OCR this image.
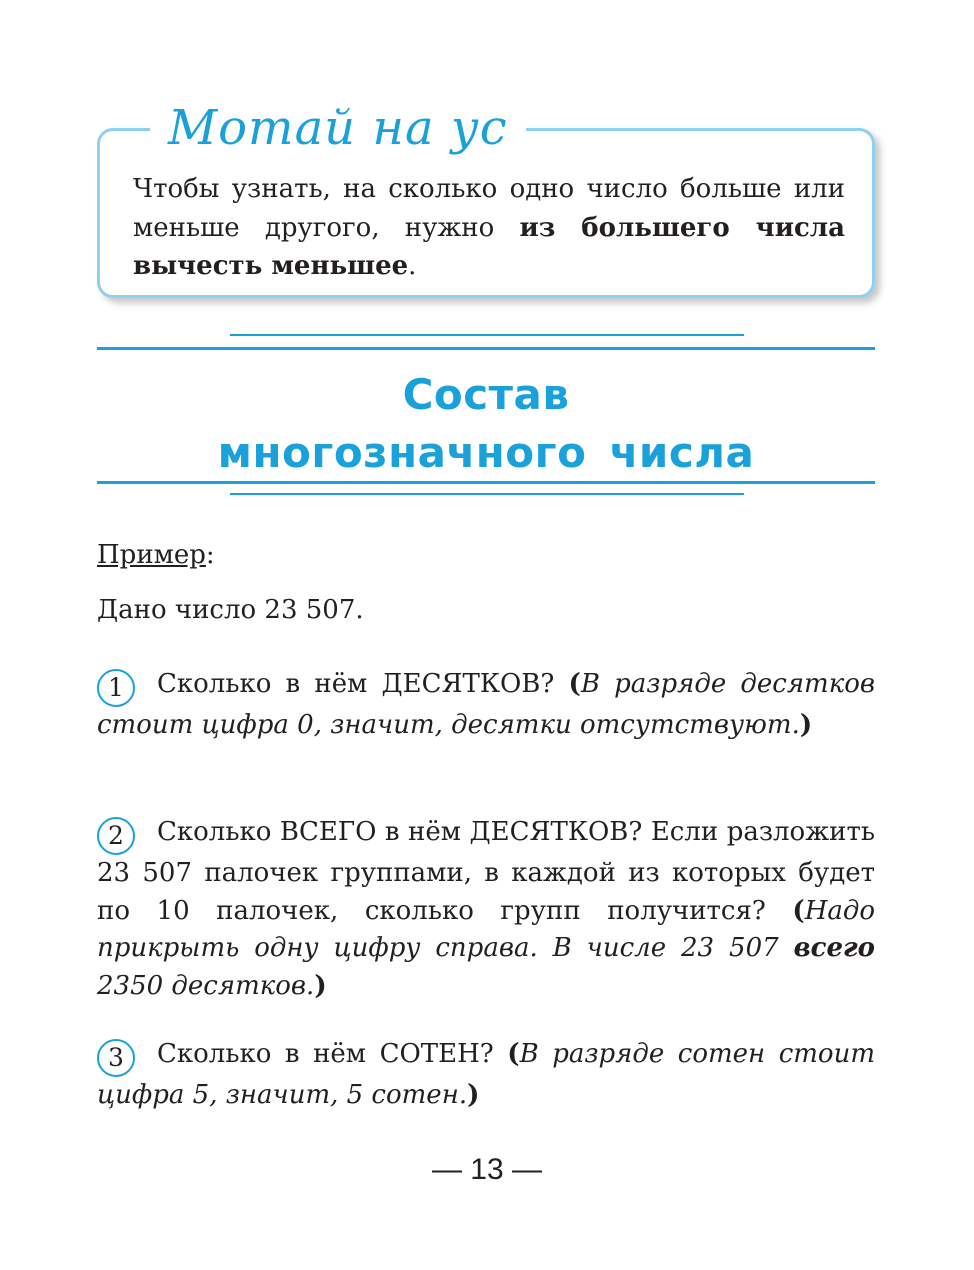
Мотай на ус

Чтобы узнать, на сколько одно число больше или меньше другого, нужно из большего числа вычесть меньшее.

Состав
многозначного числа

Пример:

Дано число 23 507.

1 Сколько в нём ДЕСЯТКОВ? (В разряде десятков стоит цифра 0, значит, десятки отсутствуют.)

2 Сколько ВСЕГО в нём ДЕСЯТКОВ? Если разложить 23 507 палочек группами, в каждой из которых будет по 10 палочек, сколько групп получится? (Надо прикрыть одну цифру справа. В числе 23 507 всего 2350 десятков.)

3 Сколько в нём СОТЕН? (В разряде сотен стоит цифра 5, значит, 5 сотен.)

— 13 —
